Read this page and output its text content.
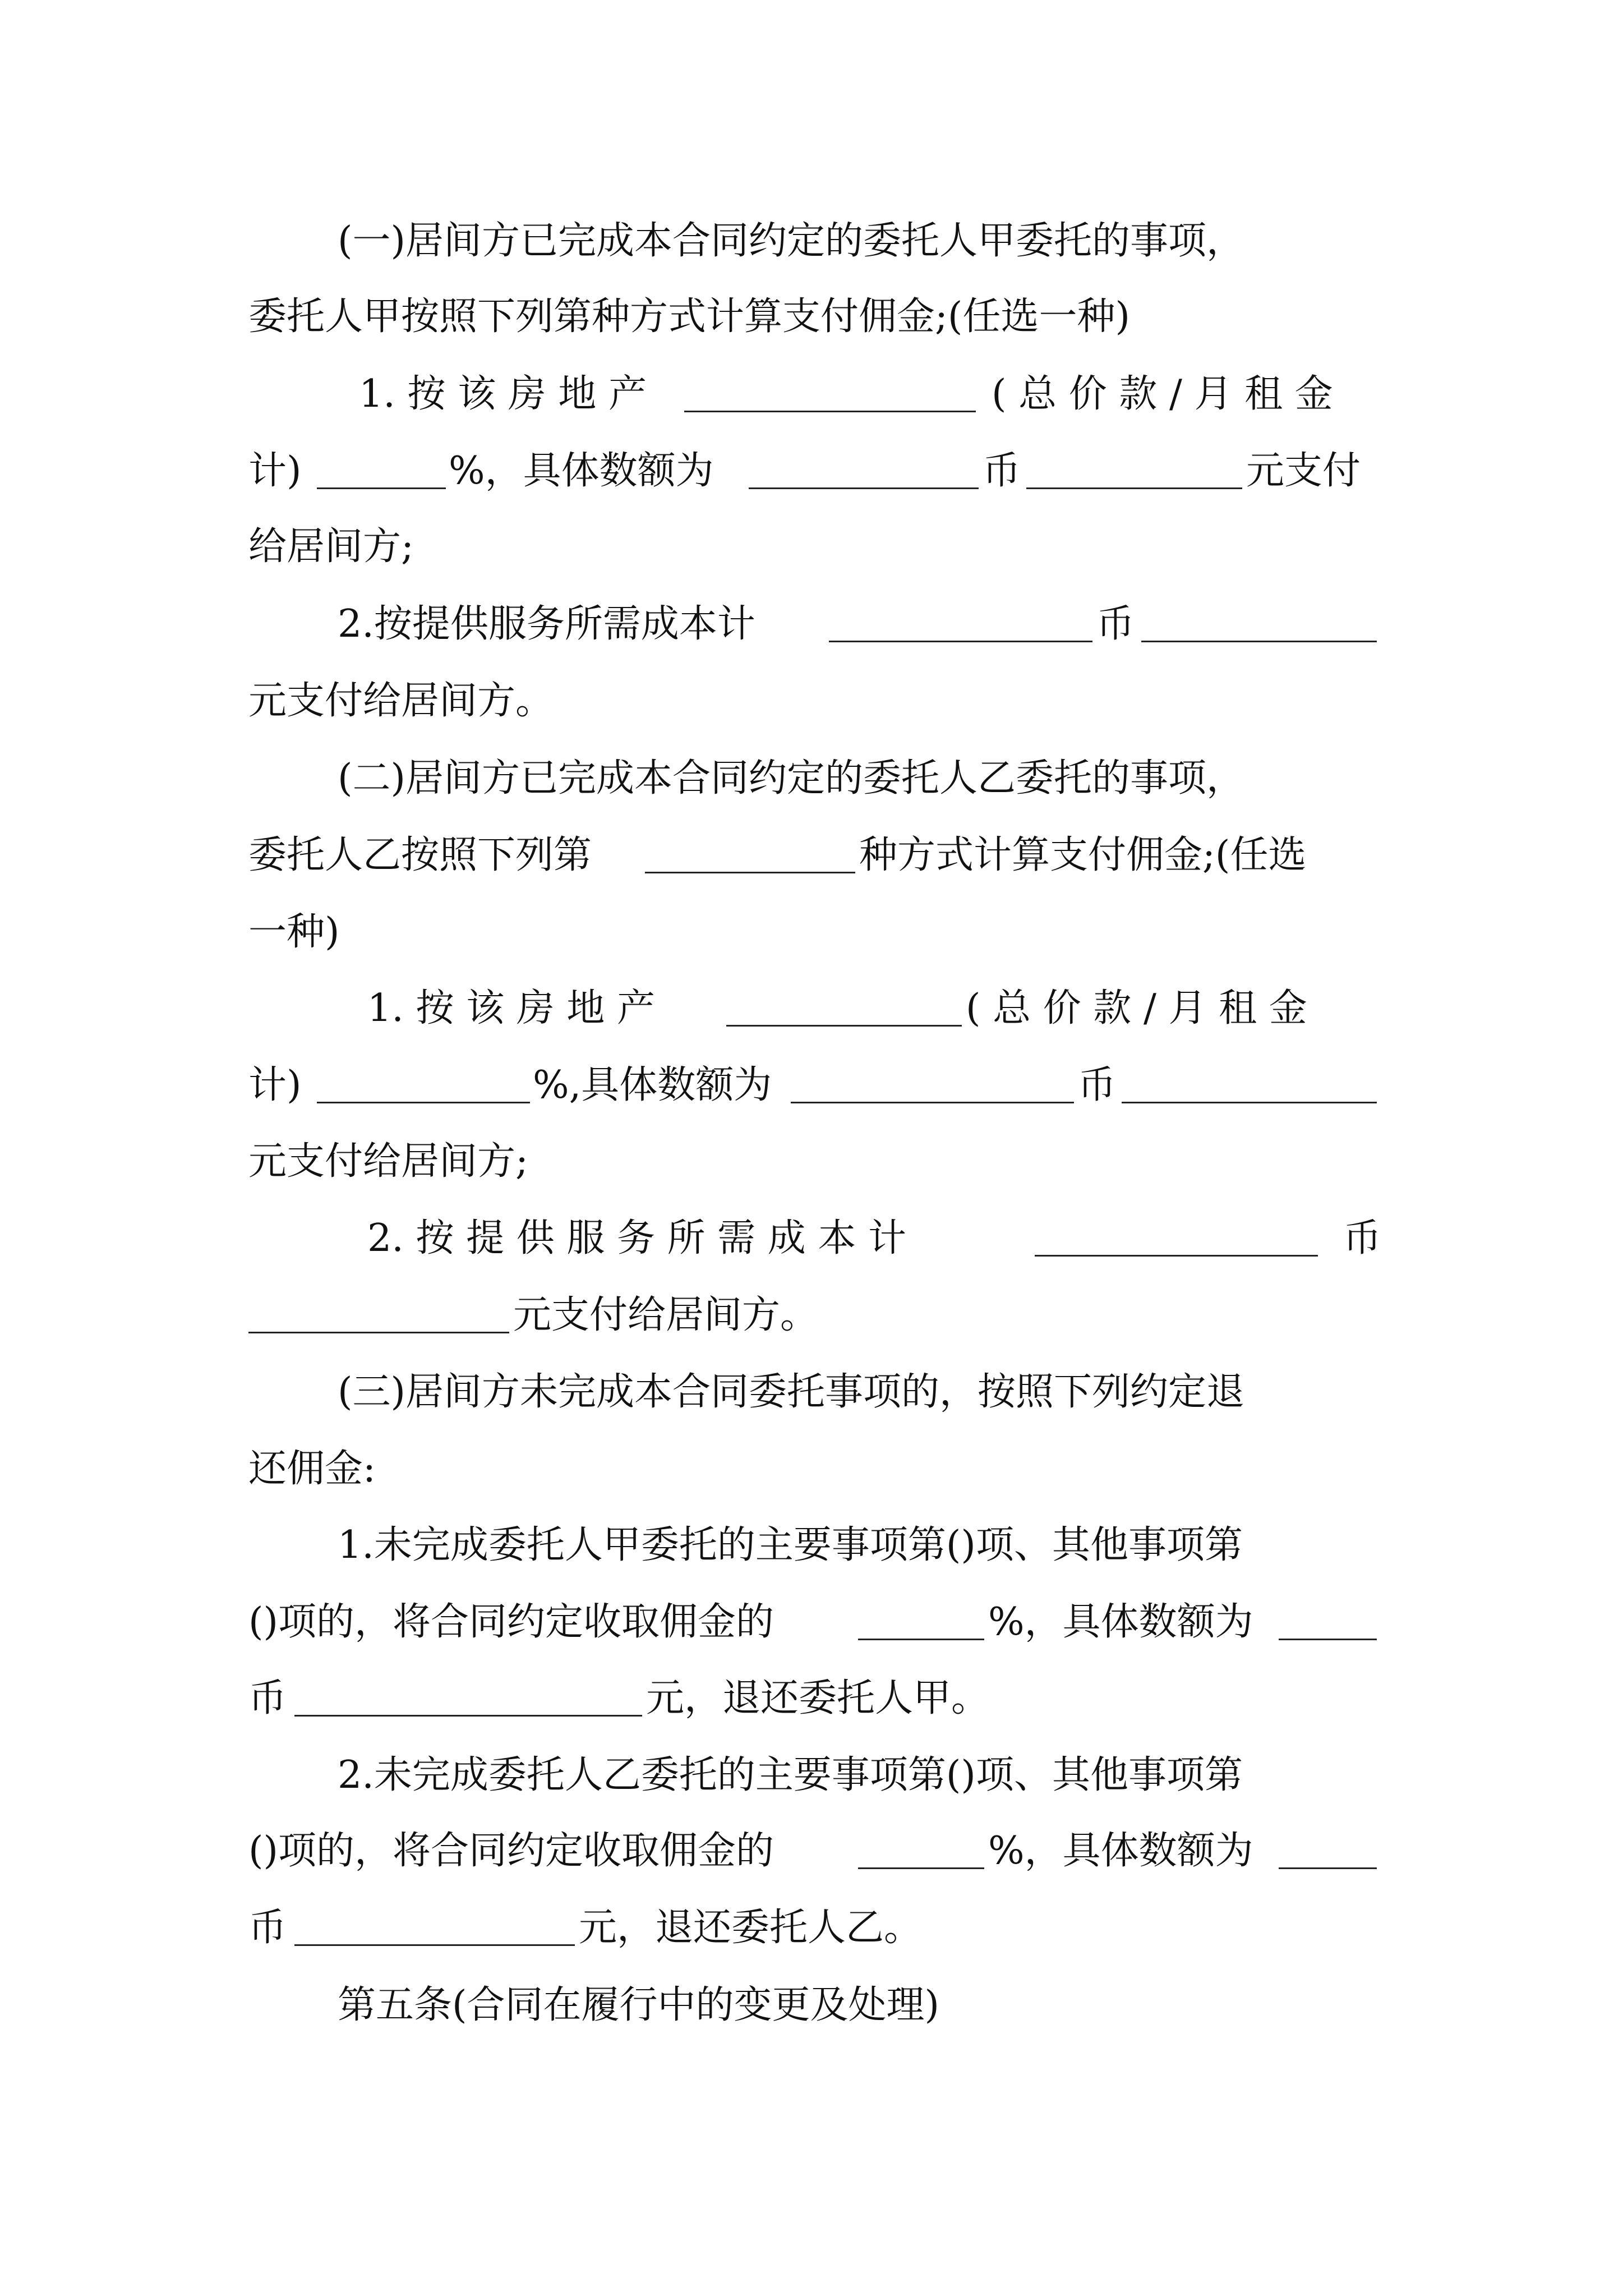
(一)居间方已完成本合同约定的委托人甲委托的事项，

委托人甲按照下列第种方式计算支付佣金;(任选一种)

1. 按 该 房 地 产

	( 总 价 款 / 月 租 金

计)

	%，具体数额为

	币

	元支付

给居间方;

2.按提供服务所需成本计

	币

元支付给居间方。

(二)居间方已完成本合同约定的委托人乙委托的事项，

委托人乙按照下列第

	种方式计算支付佣金;(任选

一种)

1. 按 该 房 地 产

	( 总 价 款 / 月 租 金

计)

	%,具体数额为

	币

元支付给居间方;

2. 按 提 供 服 务 所 需 成 本 计

	币

元支付给居间方。

(三)居间方未完成本合同委托事项的，按照下列约定退

还佣金:

1.未完成委托人甲委托的主要事项第()项、其他事项第

()项的，将合同约定收取佣金的

	%，具体数额为

币

	元，退还委托人甲。

2.未完成委托人乙委托的主要事项第()项、其他事项第

()项的，将合同约定收取佣金的

	%，具体数额为

币

	元，退还委托人乙。

第五条(合同在履行中的变更及处理)
